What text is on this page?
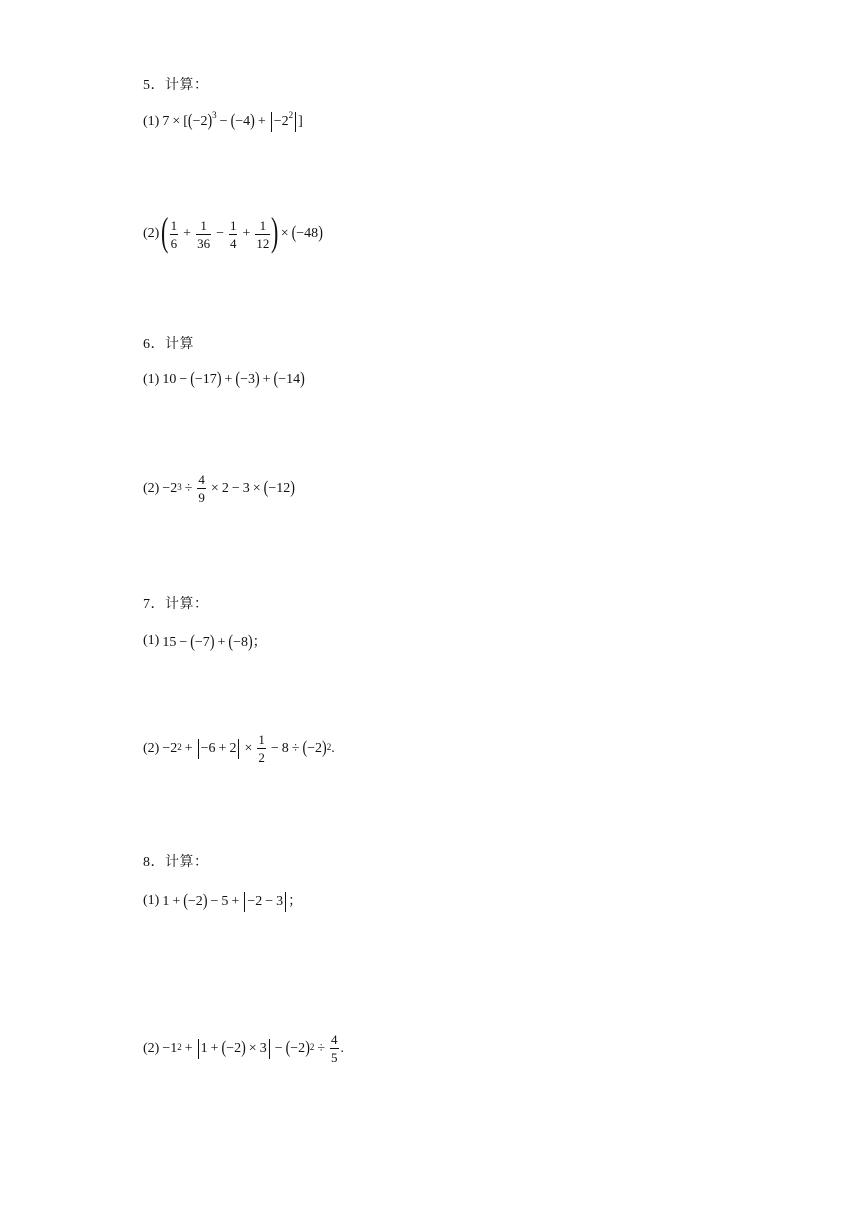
5．计算：
(1) $7 \times [(-2)^3 - (-4) + -2^2$ ]
(2) ( $\frac{1}{6} + \frac{1}{36} - \frac{1}{4} + \frac{1}{12}$ ) × ( −48 )
6．计算
(1) 10 − (−17) + (−3) + (−14)
$(2) -2^3 \div \frac{4}{9} \times 2 - 3$ × ( −12 )
7．计算：
(1) 15 − (−7) + (−8)；
$(2) -2^2 + -6 + 2 \times \frac{1}{2} - 8$ ÷ ( −2 )$^2$ .
8．计算：
(1) 1 + (−2) − 5 + −2 − 3 ；
$(2) -1^2 + 1$ + ( −2 ) × 3 − ( −2 )$^2 \div \frac{4}{5}$ .
